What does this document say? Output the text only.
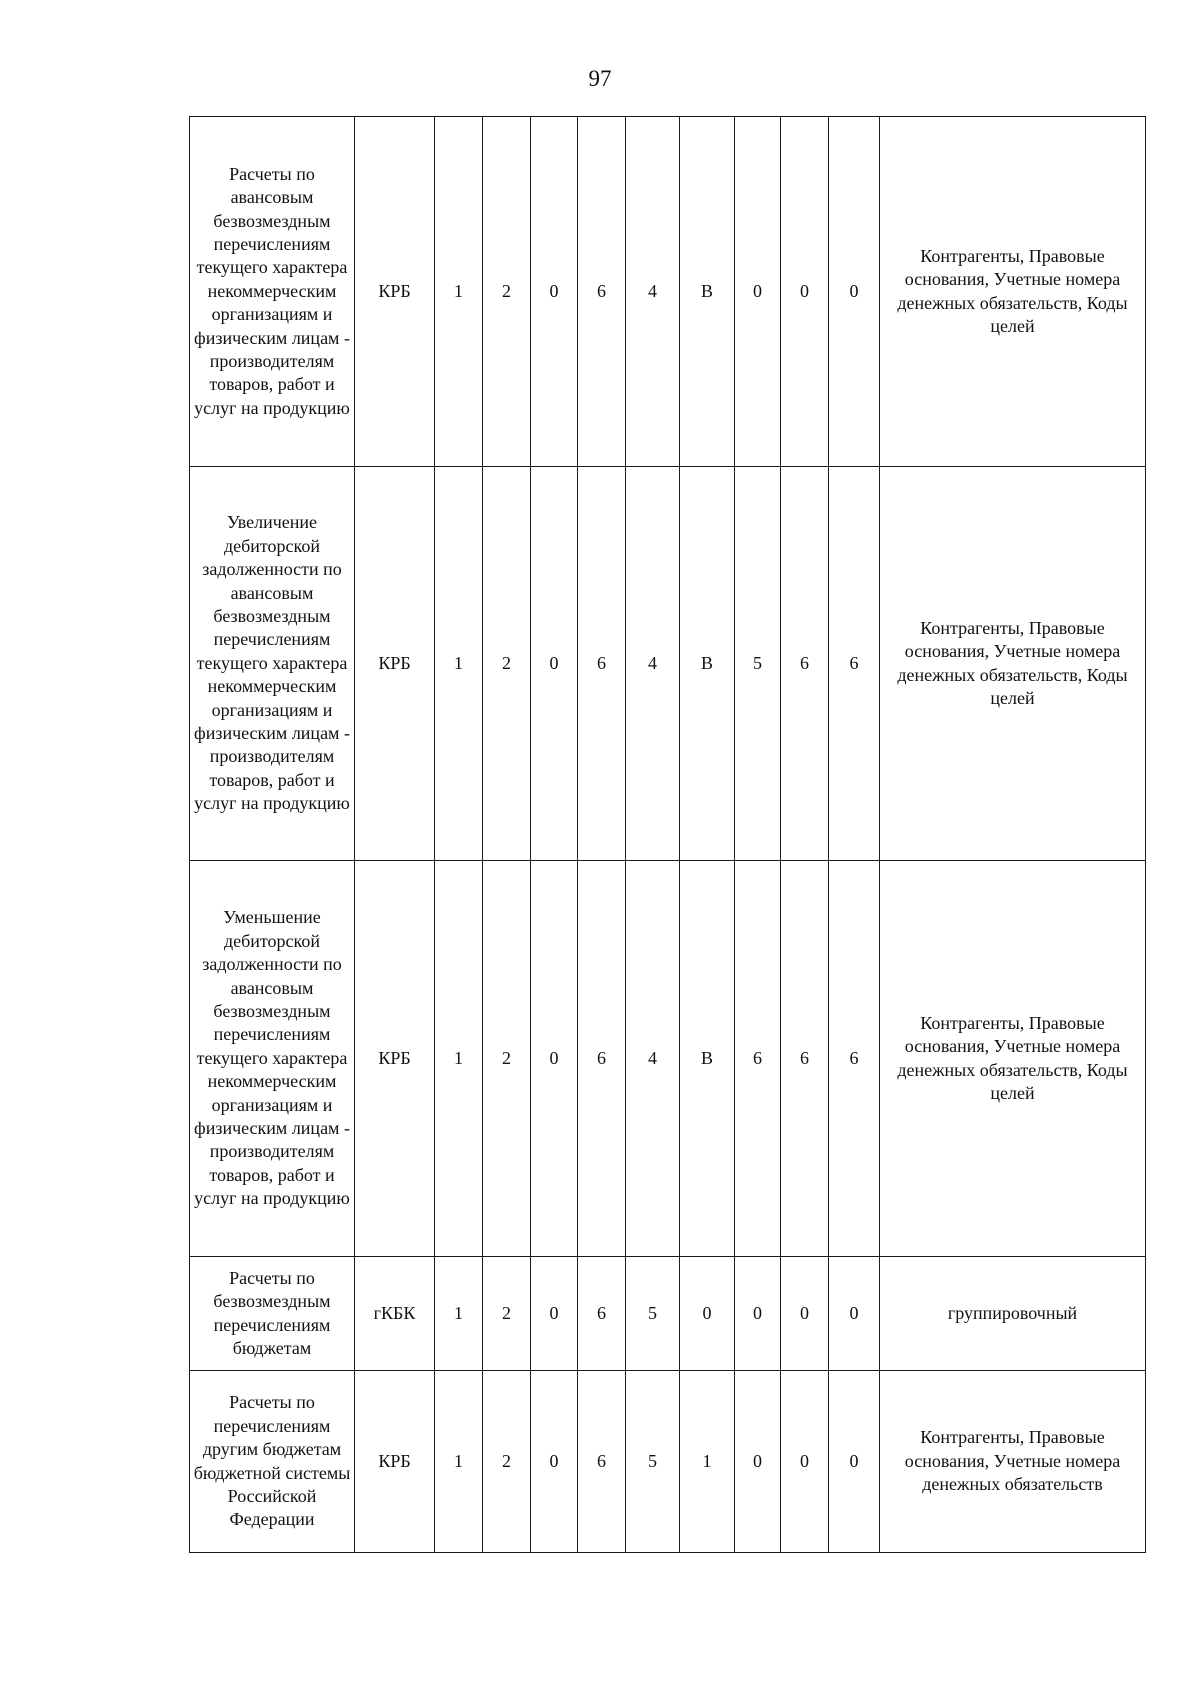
97
Расчеты по авансовым безвозмездным перечислениям текущего характера некоммерческим организациям и физическим лицам - производителям товаров, работ и услуг на продукцию	КРБ	1	2	0	6	4	В	0	0	0	Контрагенты, Правовые основания, Учетные номера денежных обязательств, Коды целей
Увеличение дебиторской задолженности по авансовым безвозмездным перечислениям текущего характера некоммерческим организациям и физическим лицам - производителям товаров, работ и услуг на продукцию	КРБ	1	2	0	6	4	В	5	6	6	Контрагенты, Правовые основания, Учетные номера денежных обязательств, Коды целей
Уменьшение дебиторской задолженности по авансовым безвозмездным перечислениям текущего характера некоммерческим организациям и физическим лицам - производителям товаров, работ и услуг на продукцию	КРБ	1	2	0	6	4	В	6	6	6	Контрагенты, Правовые основания, Учетные номера денежных обязательств, Коды целей
Расчеты по безвозмездным перечислениям бюджетам	гКБК	1	2	0	6	5	0	0	0	0	группировочный
Расчеты по перечислениям другим бюджетам бюджетной системы Российской Федерации	КРБ	1	2	0	6	5	1	0	0	0	Контрагенты, Правовые основания, Учетные номера денежных обязательств
